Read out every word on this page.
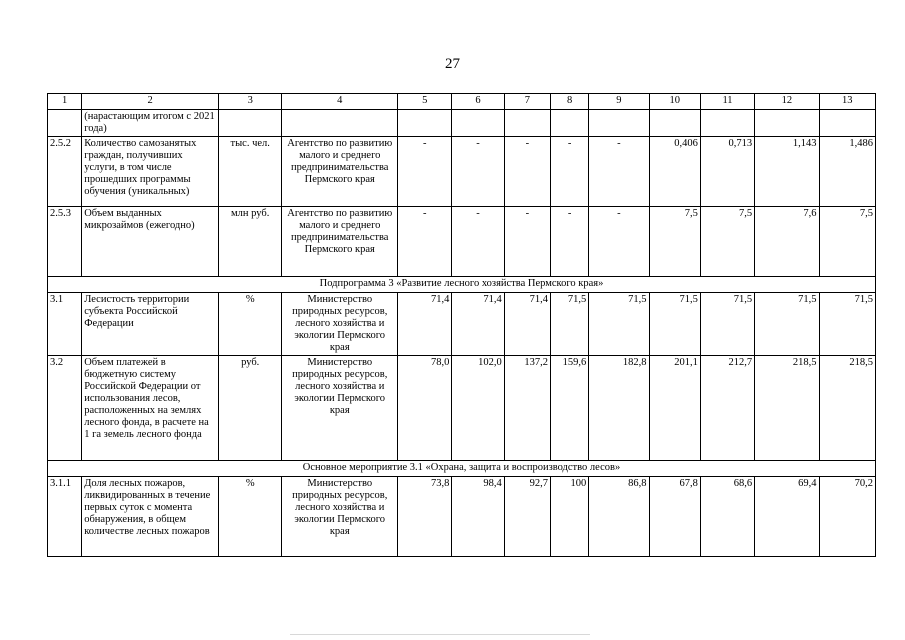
27
1	2	3	4	5	6	7	8	9	10	11	12	13
	(нарастающим итогом с 2021 года)											
2.5.2	Количество самозанятых граждан, получивших услуги, в том числе прошедших программы обучения (уникальных)	тыс. чел.	Агентство по развитию малого и среднего предпринимательства Пермского края	-	-	-	-	-	0,406	0,713	1,143	1,486
2.5.3	Объем выданных микрозаймов (ежегодно)	млн руб.	Агентство по развитию малого и среднего предпринимательства Пермского края	-	-	-	-	-	7,5	7,5	7,6	7,5
Подпрограмма 3 «Развитие лесного хозяйства Пермского края»												
3.1	Лесистость территории субъекта Российской Федерации	%	Министерство природных ресурсов, лесного хозяйства и экологии Пермского края	71,4	71,4	71,4	71,5	71,5	71,5	71,5	71,5	71,5
3.2	Объем платежей в бюджетную систему Российской Федерации от использования лесов, расположенных на землях лесного фонда, в расчете на 1 га земель лесного фонда	руб.	Министерство природных ресурсов, лесного хозяйства и экологии Пермского края	78,0	102,0	137,2	159,6	182,8	201,1	212,7	218,5	218,5
Основное мероприятие 3.1 «Охрана, защита и воспроизводство лесов»												
3.1.1	Доля лесных пожаров, ликвидированных в течение первых суток с момента обнаружения, в общем количестве лесных пожаров	%	Министерство природных ресурсов, лесного хозяйства и экологии Пермского края	73,8	98,4	92,7	100	86,8	67,8	68,6	69,4	70,2
